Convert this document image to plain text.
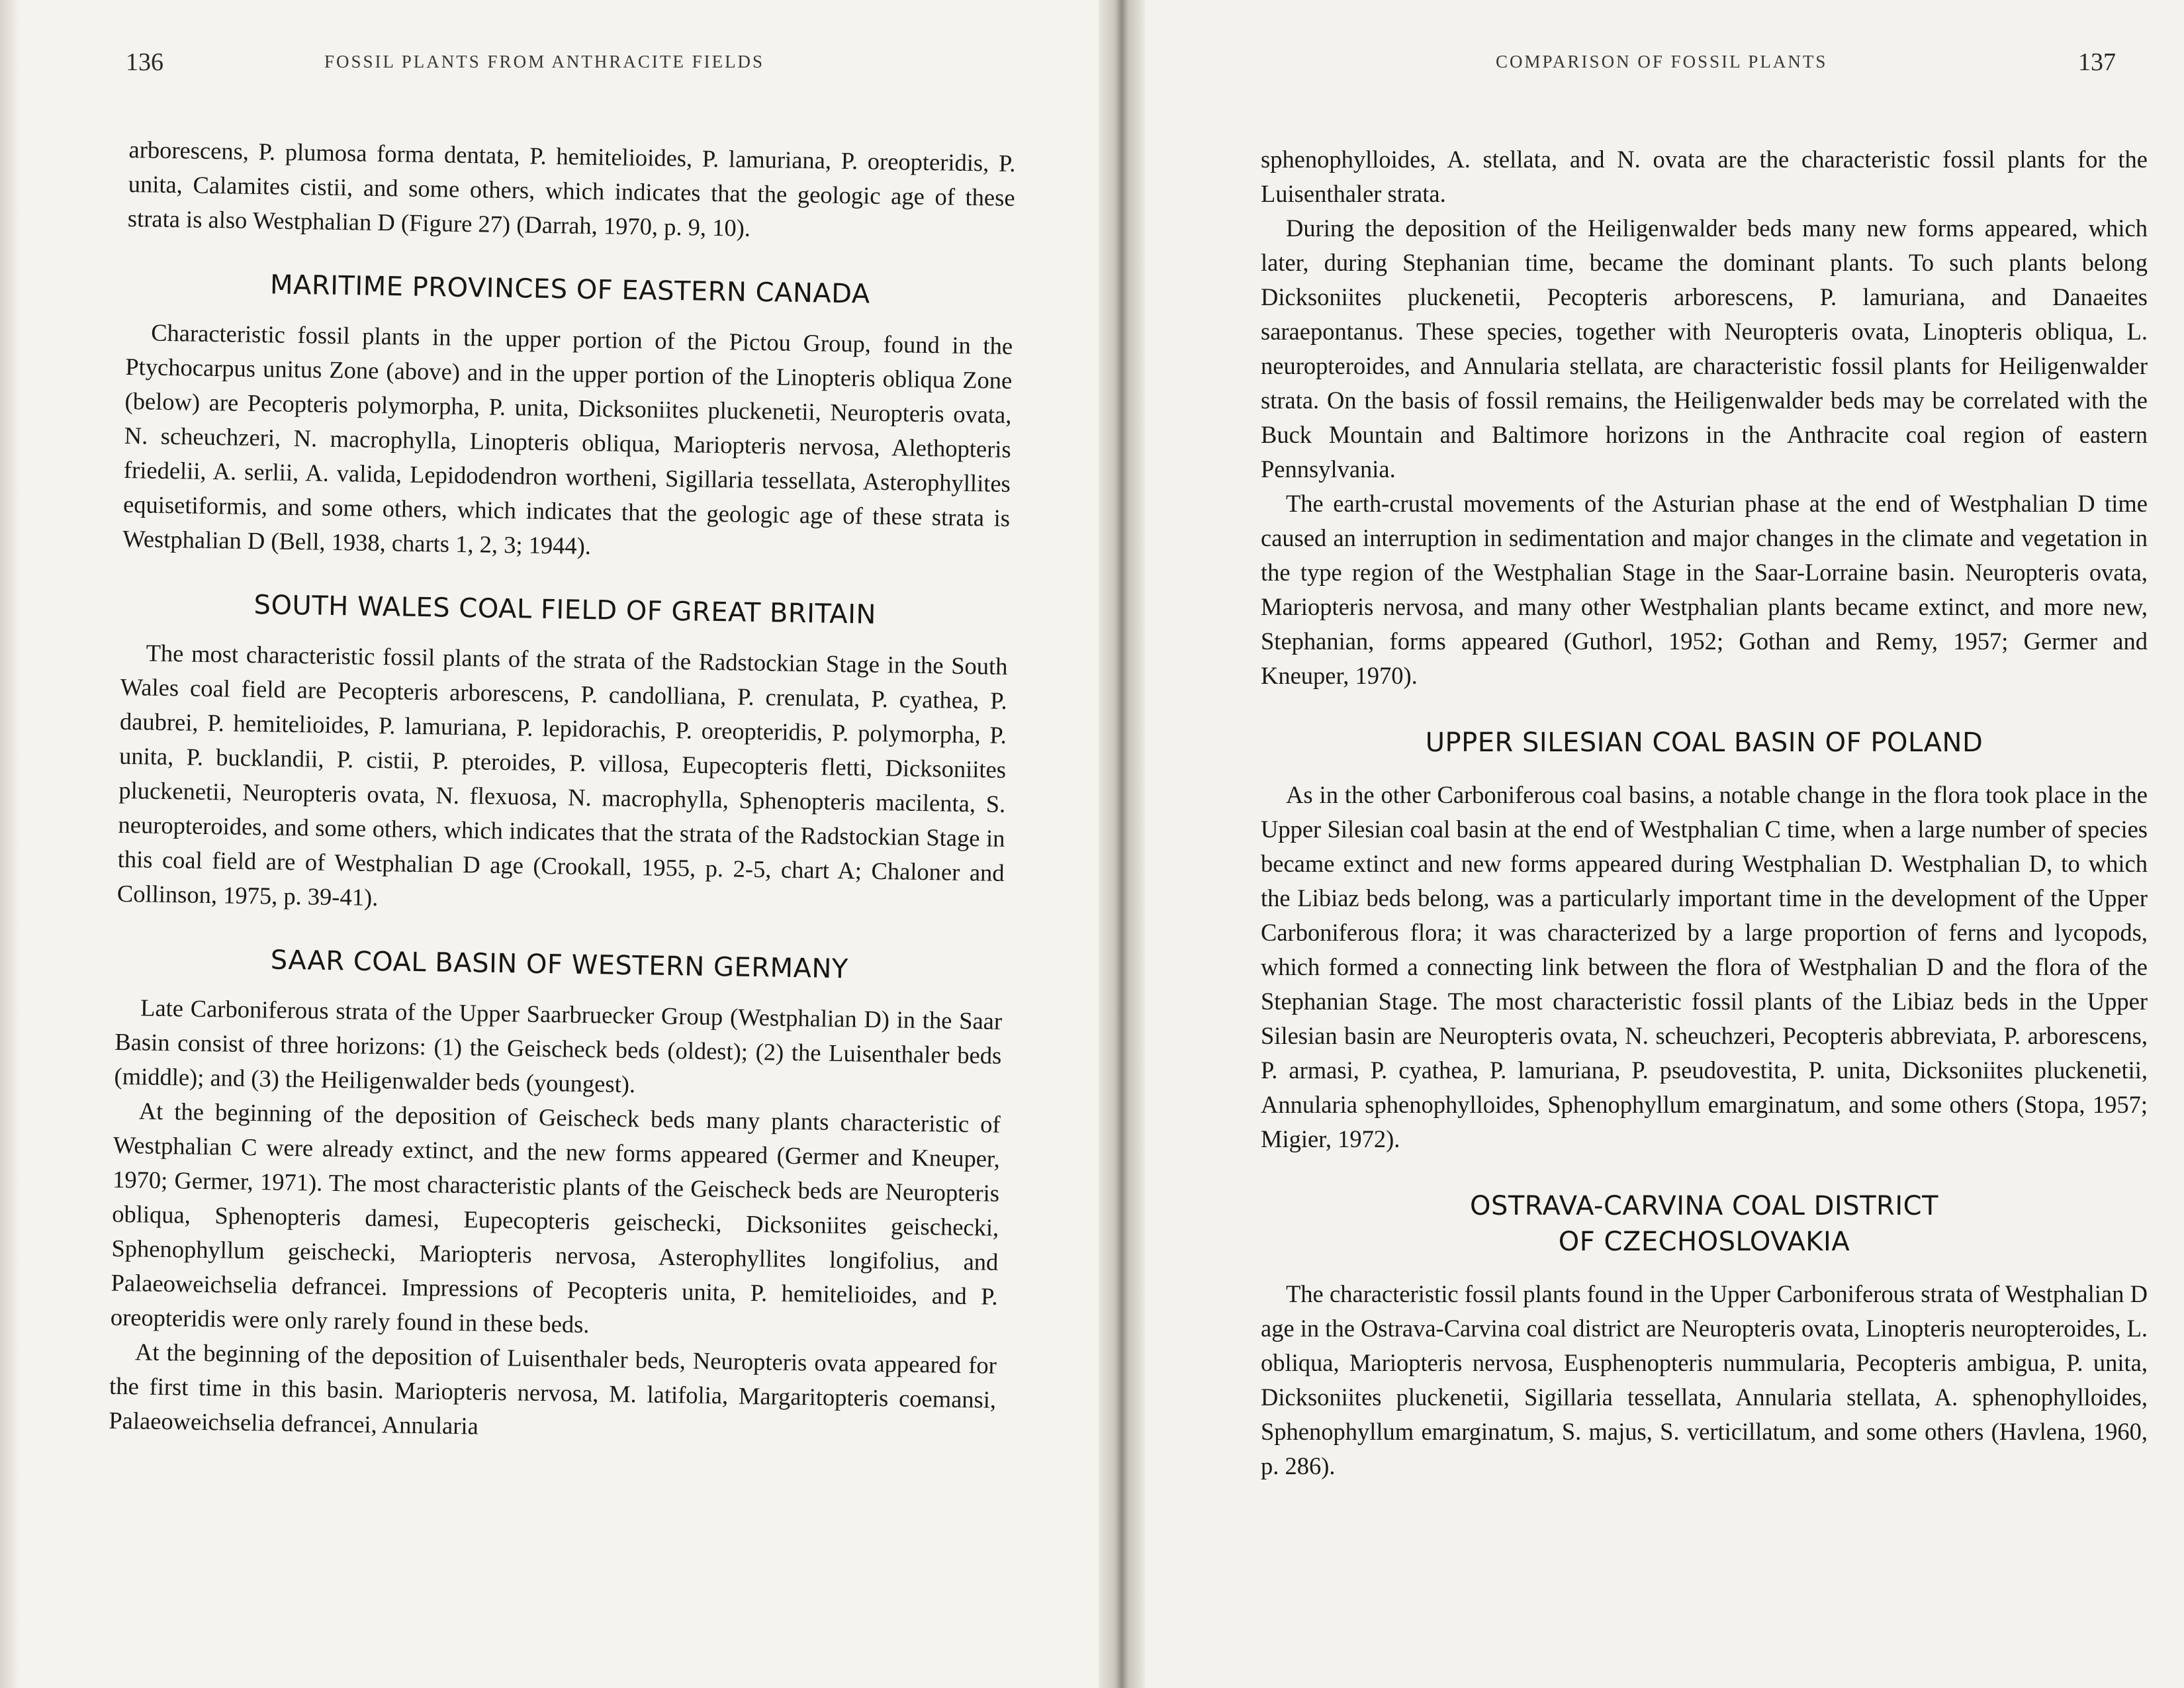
136	FOSSIL PLANTS FROM ANTHRACITE FIELDS

arborescens, P. plumosa forma dentata, P. hemitelioides, P. lamuriana, P. oreopteridis, P. unita, Calamites cistii, and some others, which indicates that the geologic age of these strata is also Westphalian D (Figure 27) (Darrah, 1970, p. 9, 10).

MARITIME PROVINCES OF EASTERN CANADA

Characteristic fossil plants in the upper portion of the Pictou Group, found in the Ptychocarpus unitus Zone (above) and in the upper portion of the Linopteris obliqua Zone (below) are Pecopteris polymorpha, P. unita, Dicksoniites pluckenetii, Neuropteris ovata, N. scheuchzeri, N. macrophylla, Linopteris obliqua, Mariopteris nervosa, Alethopteris friedelii, A. serlii, A. valida, Lepidodendron wortheni, Sigillaria tessellata, Asterophyllites equisetiformis, and some others, which indicates that the geologic age of these strata is Westphalian D (Bell, 1938, charts 1, 2, 3; 1944).

SOUTH WALES COAL FIELD OF GREAT BRITAIN

The most characteristic fossil plants of the strata of the Radstockian Stage in the South Wales coal field are Pecopteris arborescens, P. candolliana, P. crenulata, P. cyathea, P. daubrei, P. hemitelioides, P. lamuriana, P. lepidorachis, P. oreopteridis, P. polymorpha, P. unita, P. bucklandii, P. cistii, P. pteroides, P. villosa, Eupecopteris fletti, Dicksoniites pluckenetii, Neuropteris ovata, N. flexuosa, N. macrophylla, Sphenopteris macilenta, S. neuropteroides, and some others, which indicates that the strata of the Radstockian Stage in this coal field are of Westphalian D age (Crookall, 1955, p. 2-5, chart A; Chaloner and Collinson, 1975, p. 39-41).

SAAR COAL BASIN OF WESTERN GERMANY

Late Carboniferous strata of the Upper Saarbruecker Group (Westphalian D) in the Saar Basin consist of three horizons: (1) the Geischeck beds (oldest); (2) the Luisenthaler beds (middle); and (3) the Heiligenwalder beds (youngest).

At the beginning of the deposition of Geischeck beds many plants characteristic of Westphalian C were already extinct, and the new forms appeared (Germer and Kneuper, 1970; Germer, 1971). The most characteristic plants of the Geischeck beds are Neuropteris obliqua, Sphenopteris damesi, Eupecopteris geischecki, Dicksoniites geischecki, Sphenophyllum geischecki, Mariopteris nervosa, Asterophyllites longifolius, and Palaeoweichselia defrancei. Impressions of Pecopteris unita, P. hemitelioides, and P. oreopteridis were only rarely found in these beds.

At the beginning of the deposition of Luisenthaler beds, Neuropteris ovata appeared for the first time in this basin. Mariopteris nervosa, M. latifolia, Margaritopteris coemansi, Palaeoweichselia defrancei, Annularia

COMPARISON OF FOSSIL PLANTS	137

sphenophylloides, A. stellata, and N. ovata are the characteristic fossil plants for the Luisenthaler strata.

During the deposition of the Heiligenwalder beds many new forms appeared, which later, during Stephanian time, became the dominant plants. To such plants belong Dicksoniites pluckenetii, Pecopteris arborescens, P. lamuriana, and Danaeites saraepontanus. These species, together with Neuropteris ovata, Linopteris obliqua, L. neuropteroides, and Annularia stellata, are characteristic fossil plants for Heiligenwalder strata. On the basis of fossil remains, the Heiligenwalder beds may be correlated with the Buck Mountain and Baltimore horizons in the Anthracite coal region of eastern Pennsylvania.

The earth-crustal movements of the Asturian phase at the end of Westphalian D time caused an interruption in sedimentation and major changes in the climate and vegetation in the type region of the Westphalian Stage in the Saar-Lorraine basin. Neuropteris ovata, Mariopteris nervosa, and many other Westphalian plants became extinct, and more new, Stephanian, forms appeared (Guthorl, 1952; Gothan and Remy, 1957; Germer and Kneuper, 1970).

UPPER SILESIAN COAL BASIN OF POLAND

As in the other Carboniferous coal basins, a notable change in the flora took place in the Upper Silesian coal basin at the end of Westphalian C time, when a large number of species became extinct and new forms appeared during Westphalian D. Westphalian D, to which the Libiaz beds belong, was a particularly important time in the development of the Upper Carboniferous flora; it was characterized by a large proportion of ferns and lycopods, which formed a connecting link between the flora of Westphalian D and the flora of the Stephanian Stage. The most characteristic fossil plants of the Libiaz beds in the Upper Silesian basin are Neuropteris ovata, N. scheuchzeri, Pecopteris abbreviata, P. arborescens, P. armasi, P. cyathea, P. lamuriana, P. pseudovestita, P. unita, Dicksoniites pluckenetii, Annularia sphenophylloides, Sphenophyllum emarginatum, and some others (Stopa, 1957; Migier, 1972).

OSTRAVA-CARVINA COAL DISTRICT
OF CZECHOSLOVAKIA

The characteristic fossil plants found in the Upper Carboniferous strata of Westphalian D age in the Ostrava-Carvina coal district are Neuropteris ovata, Linopteris neuropteroides, L. obliqua, Mariopteris nervosa, Eusphenopteris nummularia, Pecopteris ambigua, P. unita, Dicksoniites pluckenetii, Sigillaria tessellata, Annularia stellata, A. sphenophylloides, Sphenophyllum emarginatum, S. majus, S. verticillatum, and some others (Havlena, 1960, p. 286).
